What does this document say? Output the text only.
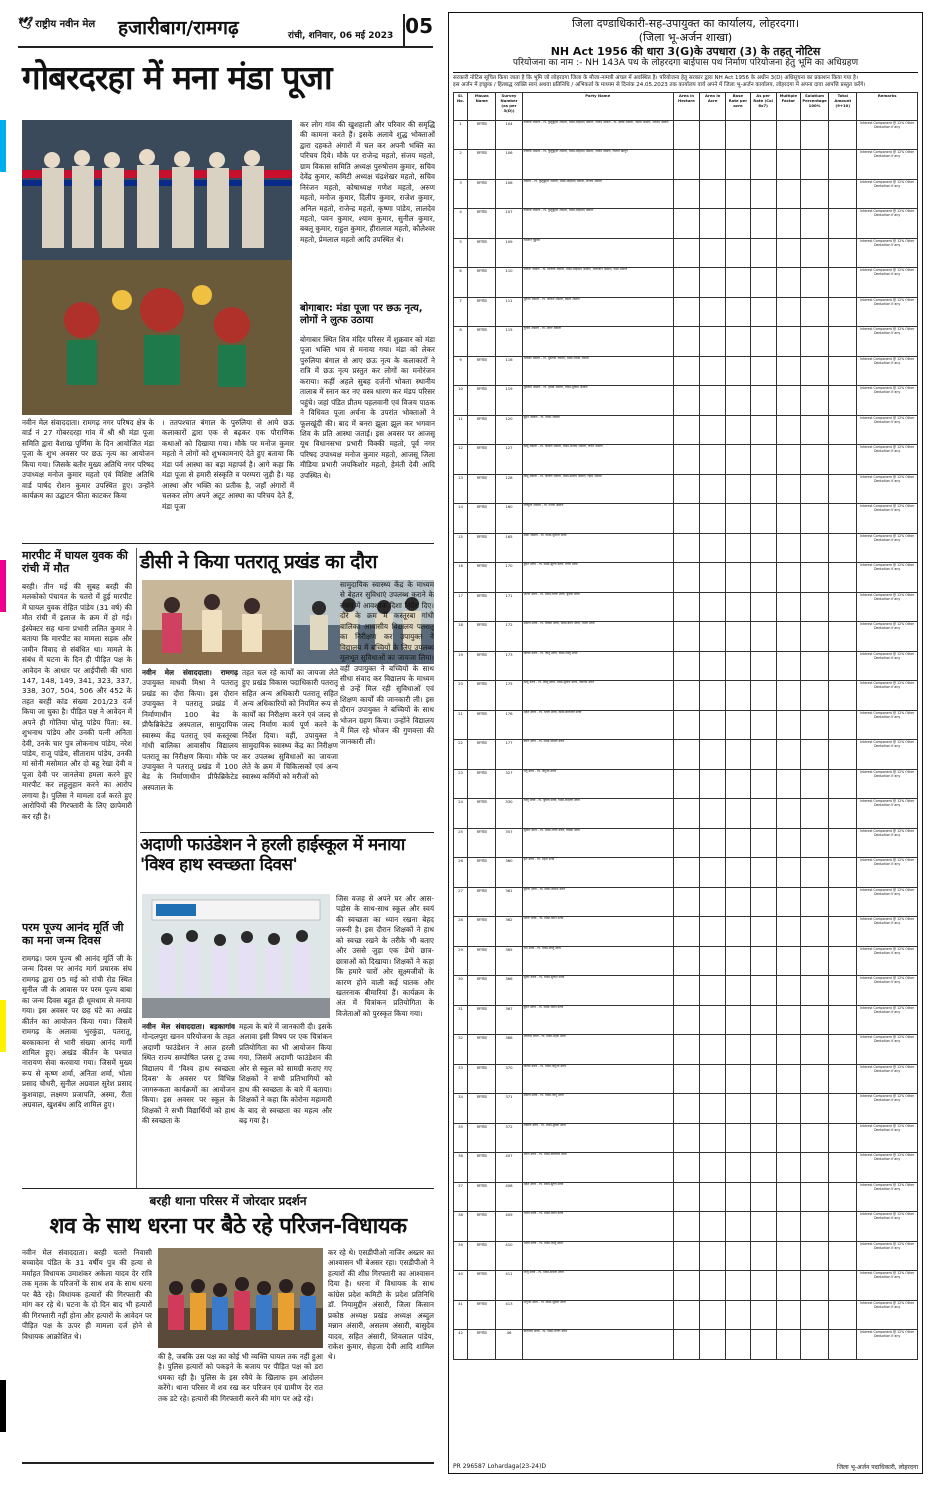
🕊 राष्ट्रीय नवीन मेल हजारीबाग/रामगढ़	रांची, शनिवार, 06 मई 2023 05
गोबरदरहा में मना मंडा पूजा
कर लोग गांव की खुशहाली और परिवार की समृद्धि की कामना करते हैं। इसके अलावे शुद्ध भोक्ताओं द्वारा दहकते अंगारों में चल कर अपनी भक्ति का परिचय दिये। मौके पर राजेन्द्र महतो, संजय महतो, ग्राम विकास समिति अध्यक्ष पुरुषोत्तम कुमार, सचिव देवेंद्र कुमार, कमिटी अध्यक्ष चंद्रशेखर महतो, सचिव निरंजन महतो, कोषाध्यक्ष गणेश महतो, अरुण महतो, मनोज कुमार, दिलीप कुमार, राजेश कुमार, अनिल महतो, राजेन्द्र महतो, कृष्णा पांडेय, लालदेव महतो, पवन कुमार, श्याम कुमार, सुनील कुमार, बबलू कुमार, राहुल कुमार, हीरालाल महतो, कौलेश्वर महतो, प्रेमलाल महतो आदि उपस्थित थे।
बोगाबार: मंडा पूजा पर छऊ नृत्य, लोगों ने लुत्फ उठाया
बोगाबार स्थित शिव मंदिर परिसर में शुक्रवार को मंडा पूजा भक्ति भाव से मनाया गया। मंडा को लेकर पुरुलिया बंगाल से आए छऊ नृत्य के कलाकारों ने रात्रि में छऊ नृत्य प्रस्तुत कर लोगों का मनोरंजन कराया। कहीं अहले सुबह दर्जनों भोक्ता स्थानीय तालाब में स्नान कर नए वस्त्र धारण कर मंडप परिसर पहुंचे। जहां पंडित प्रीतम पहलवानी एवं विजय पाठक ने विधिवत पूजा अर्चना के उपरांत भोक्ताओं ने फूलखूंदी की। बाद में बनरा झूला झूल कर भगवान शिव के प्रति आस्था जताई। इस अवसर पर आजसू यूथ विधानसभा प्रभारी विक्की महतो, पूर्व नगर परिषद उपाध्यक्ष मनोज कुमार महतो, आजसू जिला मीडिया प्रभारी जयकिशोर महतो, हेमंती देवी आदि उपस्थित थे।
नवीन मेल संवाददाता। रामगढ़ नगर परिषद क्षेत्र के वार्ड नं 27 गोबरदरहा गांव में श्री श्री मंडा पूजा समिति द्वारा वैशाख पूर्णिमा के दिन आयोजित मंडा पूजा के शुभ अवसर पर छऊ नृत्य का आयोजन किया गया। जिसके बतौर मुख्य अतिथि नगर परिषद उपाध्यक्ष मनोज कुमार महतो एवं विशिष्ट अतिथि वार्ड पार्षद रोशन कुमार उपस्थित हुए। उन्होंने कार्यक्रम का उद्घाटन फीता काटकर किया
। ततपश्चात बंगाल के पुरुलिया से आये छऊ कलाकारों द्वारा एक से बढ़कर एक पौराणिक कथाओं को दिखाया गया। मौके पर मनोज कुमार महतो ने लोगों को शुभकामनाएं देते हुए बताया कि मंडा पर्व आस्था का बड़ा महापर्व है। आगे कहा कि मंडा पूजा से हमारी संस्कृति व परम्परा जुड़ी है। यह आस्था और भक्ति का प्रतीक है, जहाँ अंगारों में चलकर लोग अपने अटूट आस्था का परिचय देते हैं, मंडा पूजा
मारपीट में घायल युवक की रांची में मौत
बरही। तीन मई की सुबह बरही की मलकोको पंचायत के चतरो में हुई मारपीट में घायल युवक रोहित पांडेय (31 वर्ष) की मौत रांची में इलाज के क्रम में हो गई। इंस्पेक्टर सह थाना प्रभारी ललित कुमार ने बताया कि मारपीट का मामला सड़क और जमीन विवाद से संबंधित था। मामले के संबंध में घटना के दिन ही पीड़ित पक्ष के आवेदन के आधार पर आईपीसी की धारा 147, 148, 149, 341, 323, 337, 338, 307, 504, 506 और 452 के तहत बरही कांड संख्या 201/23 दर्ज किया जा चुका है। पीड़ित पक्ष ने आवेदन में अपने ही गोतिया घोलू पांडेय पिता: स्व. शुभनाथ पांडेय और उनकी पत्नी अनिता देवी, उनके चार पुत्र लोकनाथ पांडेय, नरेश पांडेय, राजू पांडेय, सीताराम पांडेय, उनकी मां सोनी मसोमात और दो बहू रेखा देवी व पूजा देवी पर जानलेवा हमला करने हुए मारपीट कर लहूलुहान करने का आरोप लगाया है। पुलिस ने मामला दर्ज करते हुए आरोपियों की गिरफ्तारी के लिए छापेमारी कर रही है।
परम पूज्य आनंद मूर्ति जी का मना जन्म दिवस
रामगढ़। परम पूज्य श्री आनंद मूर्ति जी के जन्म दिवस पर आनंद मार्ग प्रचारक संघ रामगढ़ द्वारा 05 मई को रांची रोड स्थित सुनील जी के आवास पर परम पूज्य बाबा का जन्म दिवस बहुत ही धूमधाम से मनाया गया। इस अवसर पर छह घंटे का अखंड कीर्तन का आयोजन किया गया। जिसमें रामगढ़ के अलावा भुरकुंडा, पतरातू, बरकाकाना से भारी संख्या आनंद मार्गी शामिल हुए। अखंड कीर्तन के पश्चात नारायण सेवा करवाया गया। जिसमें मुख्य रूप से कृष्ण शर्मा, अनिता शर्मा, भोला प्रसाद चौधरी, सुनील अग्रवाल सुरेश प्रसाद कुशवाहा, लक्ष्मण प्रजापति, अस्मा, रीता अग्रवाल, खुशबंध आदि शामिल हुए।
डीसी ने किया पतरातू प्रखंड का दौरा
नवीन मेल संवाददाता। रामगढ़ उपायुक्त माधवी मिश्रा ने पतरातू प्रखंड का दौरा किया। इस दौरान उपायुक्त ने पतरातू प्रखंड में निर्माणाधीन 100 बेड के प्रीफैब्रिकेटेड अस्पताल, सामुदायिक स्वास्थ्य केंद्र पतरातू एवं कस्तूरबा गांधी बालिका आवासीय विद्यालय पतरातू का निरीक्षण किया। मौके पर उपायुक्त ने पतरातू प्रखंड में 100 बेड के निर्माणाधीन प्रीफैब्रिकेटेड अस्पताल के
तहत चल रहे कार्यों का जायजा लेते हुए प्रखंड विकास पदाधिकारी पतरातू सहित अन्य अधिकारी पतरातू सहित अन्य अधिकारियों को नियमित रूप से कार्यों का निरीक्षण करने एवं जल्द से जल्द निर्माण कार्य पूर्ण करने के निर्देश दिया। वहीं, उपायुक्त ने सामुदायिक स्वास्थ्य केंद्र का निरीक्षण कर उपलब्ध सुविधाओं का जायजा लेते के क्रम में चिकित्सकों एवं अन्य स्वास्थ्य कर्मियों को मरीजों को
सामुदायिक स्वास्थ्य केंद्र के माध्यम से बेहतर सुविधाएं उपलब्ध कराने के संबंध में आवश्यक दिशा निर्देश दिए। दौरे के क्रम में कस्तूरबा गांधी बालिका आवासीय विद्यालय पतरातू का निरीक्षण कर उपायुक्त ने विद्यालय में बच्चियों के लिए उपलब्ध मूलभूत सुविधाओं का जायजा लिया। वहीं उपायुक्त ने बच्चियों के साथ सीधा संवाद कर विद्यालय के माध्यम से उन्हें मिल रही सुविधाओं एवं शिक्षण कार्यों की जानकारी ली। इस दौरान उपायुक्त ने बच्चियों के साथ भोजन ग्रहण किया। उन्होंने विद्यालय में मिल रहे भोजन की गुणवत्ता की जानकारी ली।
अदाणी फाउंडेशन ने हरली हाईस्कूल में मनाया 'विश्व हाथ स्वच्छता दिवस'
जिस वजह से अपने घर और आस-पड़ोस के साथ-साथ स्कूल और स्वयं की स्वच्छता का ध्यान रखना बेहद जरूरी है। इस दौरान शिक्षकों ने हाथ को स्वच्छ रखने के तरीके भी बताए और उससे जुड़ा एक डेमो छात्र-छात्राओं को दिखाया। शिक्षकों ने कहा कि हमारे चारों ओर सूक्ष्मजीवों के कारण होने वाली कई घातक और खतरनाक बीमारियां हैं। कार्यक्रम के अंत में चित्रांकन प्रतियोगिता के विजेताओं को पुरस्कृत किया गया।
नवीन मेल संवाददाता। बड़कागांव गोन्दलपुरा खनन परियोजना के तहत अदाणी फाउंडेशन ने आज हरली स्थित राज्य सम्पोषित प्लस टू उच्च विद्यालय में 'विश्व हाथ स्वच्छता दिवस' के अवसर पर विभिन्न जागरूकता कार्यक्रमों का आयोजन किया। इस अवसर पर स्कूल के शिक्षकों ने सभी विद्यार्थियों को हाथ की स्वच्छता के
महत्व के बारे में जानकारी दी। इसके अलावा इसी विषय पर एक चित्रांकन प्रतियोगिता का भी आयोजन किया गया, जिसमें अदाणी फाउंडेशन की ओर से स्कूल को सामग्री कराए गए शिक्षकों ने सभी प्रतिभागियों को हाथ की स्वच्छता के बारे में बताया। शिक्षकों ने कहा कि कोरोना महामारी के बाद से स्वच्छता का महत्व और बढ़ गया है।
बरही थाना परिसर में जोरदार प्रदर्शन
शव के साथ धरना पर बैठे रहे परिजन-विधायक
नवीन मेल संवाददाता। बरही चतरो निवासी बच्चादेव पंडित के 31 वर्षीय पुत्र की हत्या से मर्माहत विधायक उमाशंकर अकेला यादव देर रात्रि तक मृतक के परिजनों के साथ शव के साथ धरना पर बैठे रहे। विधायक हत्यारों की गिरफ्तारी की मांग कर रहे थे। घटना के दो दिन बाद भी हत्यारों की गिरफ्तारी नहीं होना और हत्यारों के आवेदन पर पीड़ित पक्ष के ऊपर ही मामला दर्ज होने से विधायक आक्रोशित थे।
की है, जबकि उस पक्ष का कोई भी व्यक्ति घायल तक नहीं हुआ है। पुलिस हत्यारों को पकड़ने के बजाय पर पीड़ित पक्ष को डरा धमका रही है। पुलिस के इस रवैये के खिलाफ हम आंदोलन करेंगे। थाना परिसर में शव रख कर परिजन एवं ग्रामीण देर रात तक डटे रहे। हत्यारों की गिरफ्तारी करने की मांग पर अड़े रहे।
कर रहे थे। एसडीपीओ नाजिर अख्तर का आश्वासन भी बेअसर रहा। एसडीपीओ ने हत्यारों की शीघ्र गिरफ्तारी का आश्वासन दिया है। धरना में विधायक के साथ कांग्रेस प्रदेश कमिटी के प्रदेश प्रतिनिधि डॉ. नियामुद्दीन अंसारी, जिला किसान प्रकोष्ठ अध्यक्ष प्रखंड अध्यक्ष अब्दुल मन्नान अंसारी, असलम अंसारी, बासुदेव यादव, सहित अंसारी, शिवलाल पांडेय, राकेश कुमार, सेहजा देवी आदि शामिल थे।
जिला दण्डाधिकारी-सह-उपायुक्त का कार्यालय, लोहरदगा।
(जिला भू-अर्जन शाखा)
NH Act 1956 की धारा 3(G)के उपधारा (3) के तहत् नोटिस
परियोजना का नाम :- NH 143A पथ के लोहरदगा बाईपास पथ निर्माण परियोजना हेतु भूमि का अधिग्रहण
सरकारी नोटिस सूचित किया जाता है कि भूमि जो लोहरदगा जिला के मौजा-नामत्री अंचल में अवस्थित है। परियोजना हेतु सरकार द्वारा NH Act 1956 के अधीन 3(D) अधिसूचना का प्रकाशन किया गया है।
इस अर्जन में इच्छुक / हितबद्ध व्यक्ति स्वयं अथवा प्रतिनिधि / अभिकर्ता के माध्यम से दिनांक 24.05.2023 तक कार्यालय वार्य अपने में जिला भू-अर्जन कार्यालय, लोहरदगा में अपना दावा आपत्ति प्रस्तुत करेंगे।
Sl. No.	Mauza Name	Survey Number (as per 3(D))	Party Name	Area in Hectare	Area in Acre	Base Rate per acre	As per Rate (Col 6x7)	Multiple Factor	Solatium Percentage 100%	Total Amount (9+10)	Remarks
1	बरगांवा	104	लियाक अंसारी - पि. कुतुबुद्दीन अंसारी, मिसा-मोहम्मद अंसारी, जावेद अंसारी - पि. हबीब अंसारी, नसीम अंसारी, अरशद अंसारी								Interest Component @ 12% Other Deduction if any
2	बरगांवा	106	लियाक अंसारी - पि. कुतुबुद्दीन अंसारी, मिसा-मोहम्मद अंसारी, जावेद अंसारी, रजिया खातून								Interest Component @ 12% Other Deduction if any
3	बरगांवा	106	अंसारी - पि. कुतुबुद्दीन अंसारी, मिसा-मोहम्मद अंसारी, सलीम अंसारी								Interest Component @ 12% Other Deduction if any
4	बरगांवा	107	लियाक अंसारी - पि. कुतुबुद्दीन अंसारी, मिसा-मोहम्मद अंसारी								Interest Component @ 12% Other Deduction if any
5	बरगांवा	109	रमजान गुड्डोबी								Interest Component @ 12% Other Deduction if any
6	बरगांवा	110	फकरू अंसारी - पि. लियाक अंसारी, मिसा-मोहम्मद अंसारी, अलीजान अंसारी, नईम अंसारी								Interest Component @ 12% Other Deduction if any
7	बरगांवा	111	मुर्तजा अंसारी - पि. जलील अंसारी, बसीर अंसारी								Interest Component @ 12% Other Deduction if any
8	बरगांवा	115	गुलाम अंसारी - पि. मनीर अंसारी								Interest Component @ 12% Other Deduction if any
9	बरगांवा	116	अकबर अंसारी - पि. मुस्तफा अंसारी, मिसा-नसीम अंसारी								Interest Component @ 12% Other Deduction if any
10	बरगांवा	119	मुस्तफा अंसारी - पि. हबीब अंसारी, मिसा-मुकीम अंसारी								Interest Component @ 12% Other Deduction if any
11	बरगांवा	120	बूढ़न अंसारी - पि. मिसा-अंसारी								Interest Component @ 12% Other Deduction if any
12	बरगांवा	127	मिसू अंसारी - पि. जलील अंसारी, मिसा-अजीम अंसारी, जफर अंसारी								Interest Component @ 12% Other Deduction if any
13	बरगांवा	128	मिसू अंसारी - पि. जलील अंसारी, मिसा-सलीम अंसारी, रहीम अंसारी								Interest Component @ 12% Other Deduction if any
14	बरगांवा	160	लतफूल अंसारी - पि. नजीर अंसारी								Interest Component @ 12% Other Deduction if any
15	बरगांवा	165	सौदा अंसारी - पि. मिसा-सुनीता उरांव								Interest Component @ 12% Other Deduction if any
16	बरगांवा	170	बुधन उरांव - पि. मिसा-झुग्गी उरांव, मंगरा उरांव								Interest Component @ 12% Other Deduction if any
17	बरगांवा	171	जोगेन उरांव - पि. मिसा-मंगरू उरांव, बुधवा उरांव								Interest Component @ 12% Other Deduction if any
18	बरगांवा	172	सोमरा उरांव - पि. बिरसा उरांव, मिसा-बंधन उरांव, चमरा उरांव								Interest Component @ 12% Other Deduction if any
19	बरगांवा	173	बिरसा उरांव - पि. जीतू उरांव, मिसा-लालू उरांव								Interest Component @ 12% Other Deduction if any
20	बरगांवा	175	मिसू उरांव - पि. लालू उरांव, मिसा-सुकरा उरांव, जयराम उरांव								Interest Component @ 12% Other Deduction if any
21	बरगांवा	176	महेश उरांव - पि. भोला उरांव, मिसा-बालेश्वर उरांव								Interest Component @ 12% Other Deduction if any
22	बरगांवा	177	बंधन उरांव - पि. मिसा-सोमरा उरांव								Interest Component @ 12% Other Deduction if any
23	बरगांवा	327	चैतू उरांव - पि. फगुआ उरांव								Interest Component @ 12% Other Deduction if any
24	बरगांवा	330	लालू उरांव - पि. बुधवा उरांव, मिसा-लक्ष्मण उरांव								Interest Component @ 12% Other Deduction if any
25	बरगांवा	357	सुकरा उरांव - पि. मिसा-मंगरा उरांव, बिरसा उरांव								Interest Component @ 12% Other Deduction if any
26	बरगांवा	360	हरि उरांव - पि. महेश उरांव								Interest Component @ 12% Other Deduction if any
27	बरगांवा	361	बुधवा उरांव - पि. मिसा-सोमरा उरांव								Interest Component @ 12% Other Deduction if any
28	बरगांवा	362	मंगरू उरांव - पि. मिसा-बंधन उरांव								Interest Component @ 12% Other Deduction if any
29	बरगांवा	365	राम उरांव - पि. मिसा-लालू उरांव								Interest Component @ 12% Other Deduction if any
30	बरगांवा	366	सुकर उरांव - पि. मिसा-सुकरा उरांव								Interest Component @ 12% Other Deduction if any
31	बरगांवा	367	बुधन उरांव - पि. मिसा-चमरा उरांव								Interest Component @ 12% Other Deduction if any
32	बरगांवा	368	जयराम उरांव - पि. मिसा-महेश उरांव								Interest Component @ 12% Other Deduction if any
33	बरगांवा	370	बिरसा उरांव - पि. मिसा-फगुआ उरांव								Interest Component @ 12% Other Deduction if any
34	बरगांवा	371	सोमरा उरांव - पि. मिसा-जीतू उरांव								Interest Component @ 12% Other Deduction if any
35	बरगांवा	372	लक्ष्मण उरांव - पि. मिसा-बुधवा उरांव								Interest Component @ 12% Other Deduction if any
36	बरगांवा	407	मंगरा उरांव - पि. मिसा-बालेश्वर उरांव								Interest Component @ 12% Other Deduction if any
37	बरगांवा	408	महेश उरांव - पि. मिसा-झुग्गी उरांव								Interest Component @ 12% Other Deduction if any
38	बरगांवा	409	चमरा उरांव - पि. मिसा-बंधन उरांव								Interest Component @ 12% Other Deduction if any
39	बरगांवा	410	भोला उरांव - पि. मिसा-लालू उरांव								Interest Component @ 12% Other Deduction if any
40	बरगांवा	411	जीतू उरांव - पि. मिसा-सोमरा उरांव								Interest Component @ 12% Other Deduction if any
41	बरगांवा	413	फगुआ उरांव - पि. मिसा-सुकरा उरांव								Interest Component @ 12% Other Deduction if any
42	बरगांवा	46	बालेश्वर उरांव - पि. मिसा-मंगरू उरांव								Interest Component @ 12% Other Deduction if any
PR 296587 Lohardaga(23-24)D	जिला भू-अर्जन पदाधिकारी, लोहरदगा
